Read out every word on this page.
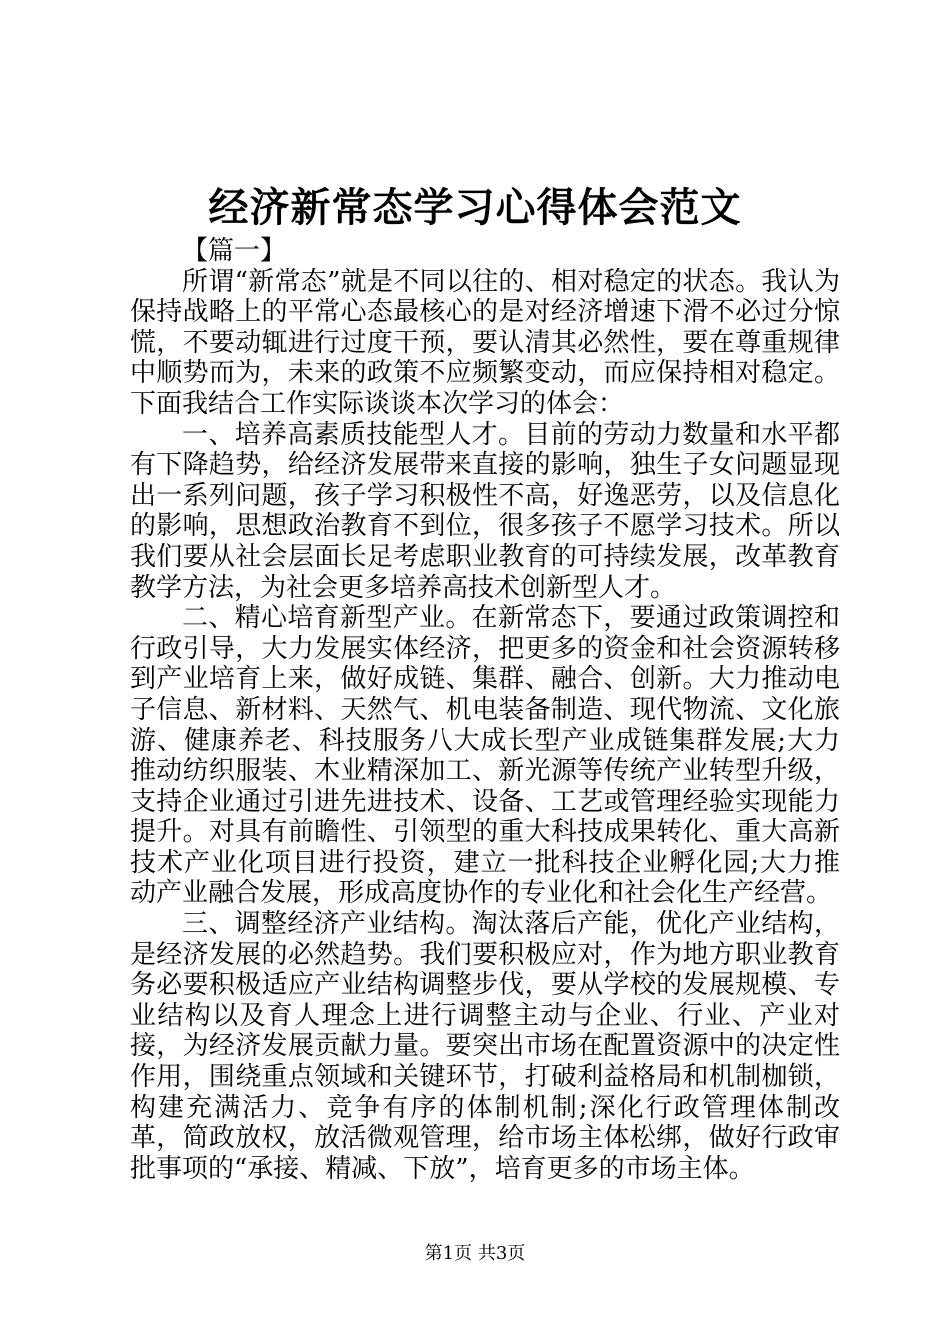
经济新常态学习心得体会范文
【篇一】

所谓“新常态”就是不同以往的、相对稳定的状态。我认为保持战略上的平常心态最核心的是对经济增速下滑不必过分惊慌，不要动辄进行过度干预，要认清其必然性，要在尊重规律中顺势而为，未来的政策不应频繁变动，而应保持相对稳定。下面我结合工作实际谈谈本次学习的体会：

一、培养高素质技能型人才。目前的劳动力数量和水平都有下降趋势，给经济发展带来直接的影响，独生子女问题显现出一系列问题，孩子学习积极性不高，好逸恶劳，以及信息化的影响，思想政治教育不到位，很多孩子不愿学习技术。所以我们要从社会层面长足考虑职业教育的可持续发展，改革教育教学方法，为社会更多培养高技术创新型人才。

二、精心培育新型产业。在新常态下，要通过政策调控和行政引导，大力发展实体经济，把更多的资金和社会资源转移到产业培育上来，做好成链、集群、融合、创新。大力推动电子信息、新材料、天然气、机电装备制造、现代物流、文化旅游、健康养老、科技服务八大成长型产业成链集群发展;大力推动纺织服装、木业精深加工、新光源等传统产业转型升级，支持企业通过引进先进技术、设备、工艺或管理经验实现能力提升。对具有前瞻性、引领型的重大科技成果转化、重大高新技术产业化项目进行投资，建立一批科技企业孵化园;大力推动产业融合发展，形成高度协作的专业化和社会化生产经营。

三、调整经济产业结构。淘汰落后产能，优化产业结构，是经济发展的必然趋势。我们要积极应对，作为地方职业教育务必要积极适应产业结构调整步伐，要从学校的发展规模、专业结构以及育人理念上进行调整主动与企业、行业、产业对接，为经济发展贡献力量。要突出市场在配置资源中的决定性作用，围绕重点领域和关键环节，打破利益格局和机制枷锁，构建充满活力、竞争有序的体制机制;深化行政管理体制改革，简政放权，放活微观管理，给市场主体松绑，做好行政审批事项的“承接、精减、下放”，培育更多的市场主体。

第1页 共3页
